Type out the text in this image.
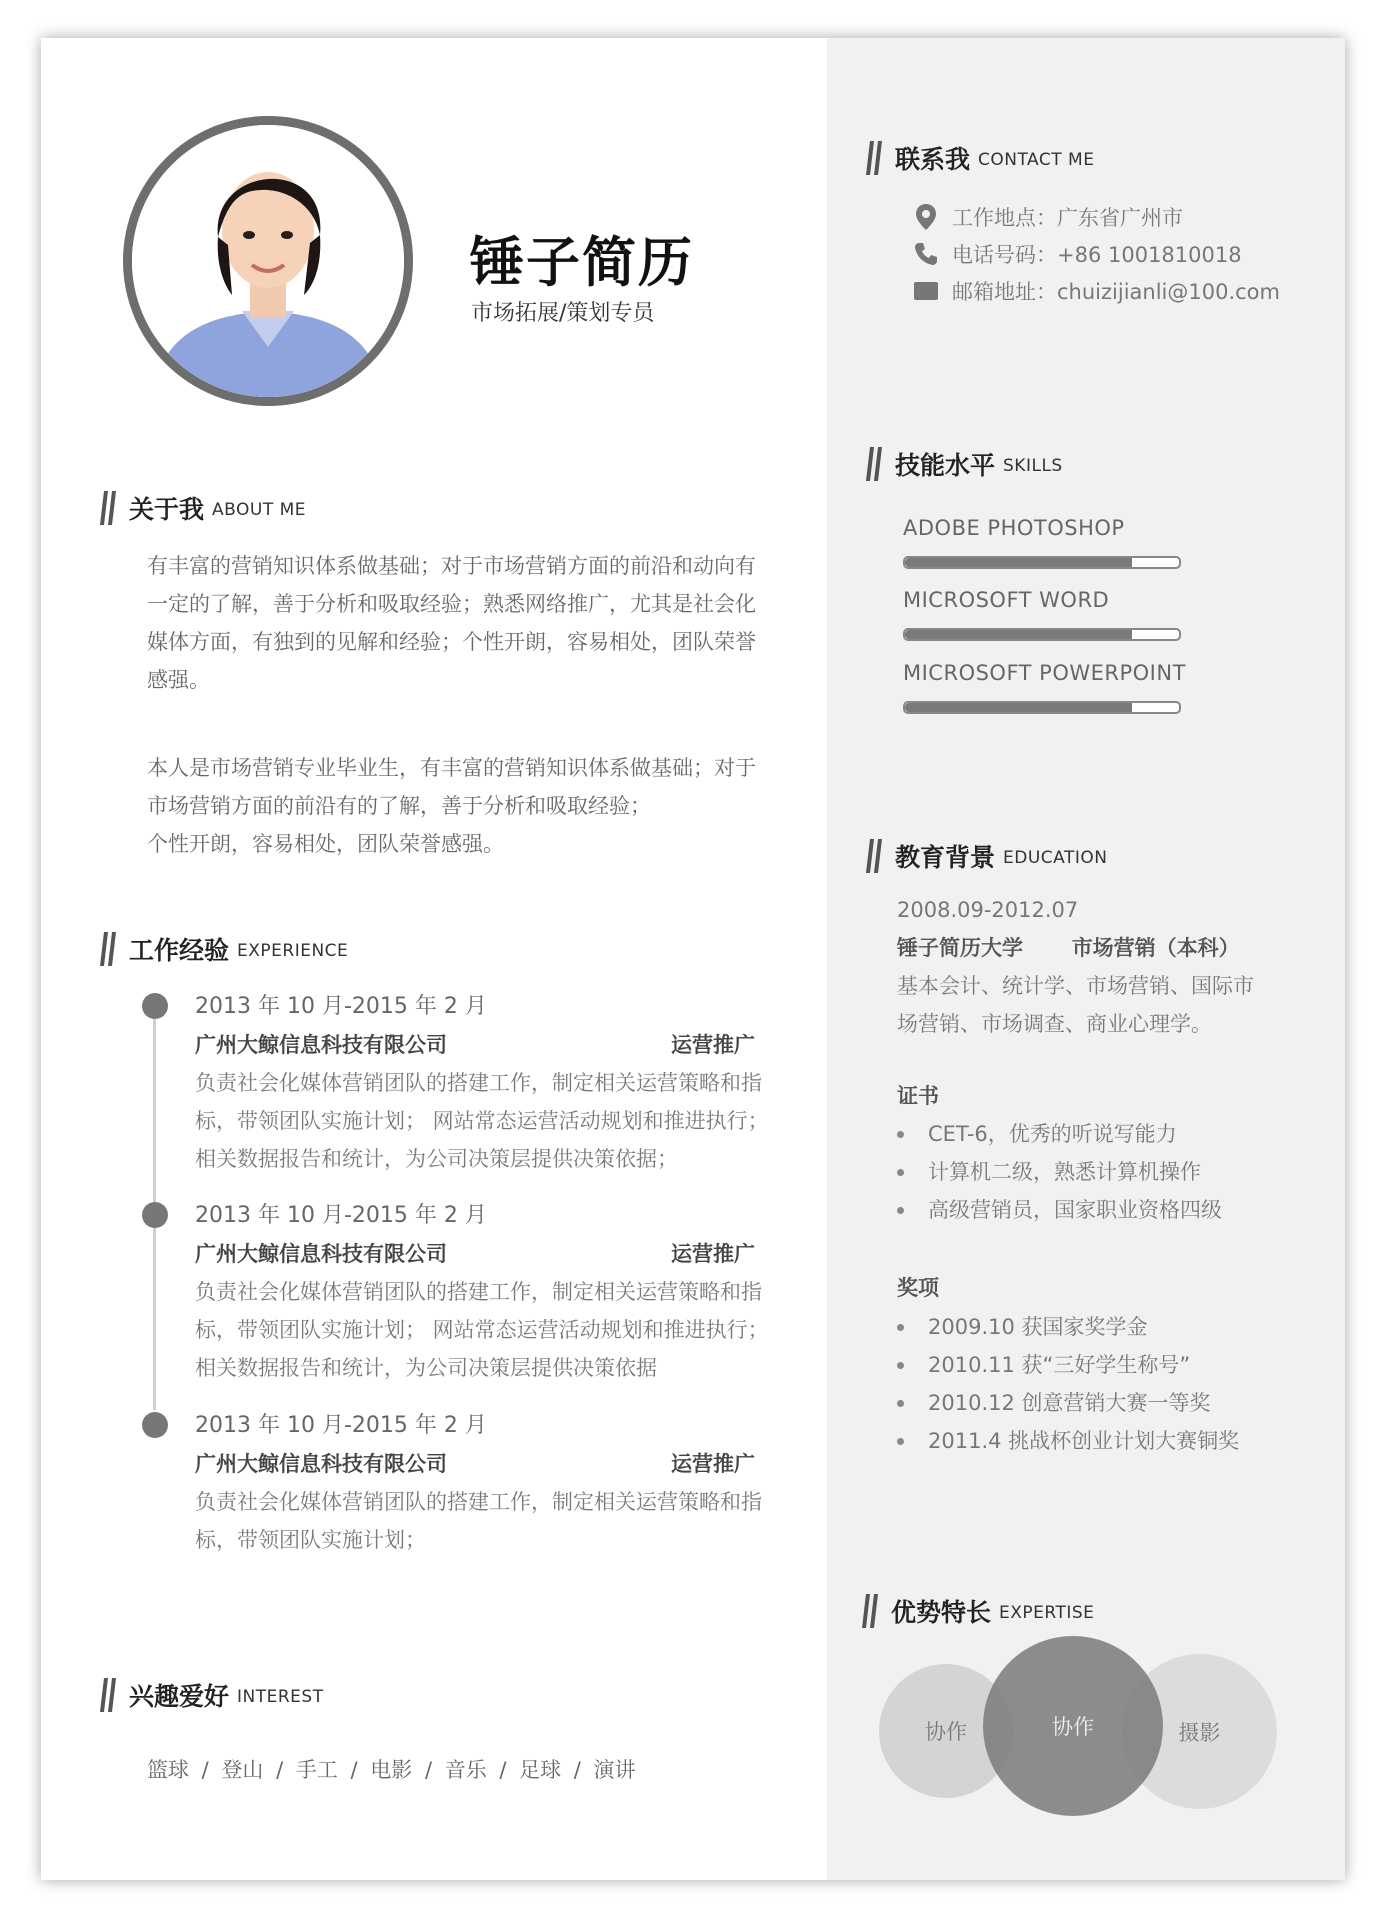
锤子简历
市场拓展/策划专员
关于我 ABOUT ME
有丰富的营销知识体系做基础；对于市场营销方面的前沿和动向有
一定的了解，善于分析和吸取经验；熟悉网络推广，尤其是社会化
媒体方面，有独到的见解和经验；个性开朗，容易相处，团队荣誉
感强。
本人是市场营销专业毕业生，有丰富的营销知识体系做基础；对于
市场营销方面的前沿有的了解，善于分析和吸取经验；
个性开朗，容易相处，团队荣誉感强。
工作经验 EXPERIENCE
2013 年 10 月-2015 年 2 月
广州大鲸信息科技有限公司	运营推广
负责社会化媒体营销团队的搭建工作，制定相关运营策略和指
标，带领团队实施计划； 网站常态运营活动规划和推进执行；
相关数据报告和统计，为公司决策层提供决策依据；
2013 年 10 月-2015 年 2 月
广州大鲸信息科技有限公司	运营推广
负责社会化媒体营销团队的搭建工作，制定相关运营策略和指
标，带领团队实施计划； 网站常态运营活动规划和推进执行；
相关数据报告和统计，为公司决策层提供决策依据
2013 年 10 月-2015 年 2 月
广州大鲸信息科技有限公司	运营推广
负责社会化媒体营销团队的搭建工作，制定相关运营策略和指
标，带领团队实施计划；
兴趣爱好 INTEREST
篮球 / 登山 / 手工 / 电影 / 音乐 / 足球 / 演讲
联系我 CONTACT ME
工作地点：广东省广州市
电话号码：+86 1001810018
邮箱地址：chuizijianli@100.com
技能水平 SKILLS
ADOBE PHOTOSHOP
MICROSOFT WORD
MICROSOFT POWERPOINT
教育背景 EDUCATION
2008.09-2012.07
锤子简历大学 市场营销（本科）
基本会计、统计学、市场营销、国际市
场营销、市场调查、商业心理学。
证书
CET-6，优秀的听说写能力
计算机二级，熟悉计算机操作
高级营销员，国家职业资格四级
奖项
2009.10 获国家奖学金
2010.11 获“三好学生称号”
2010.12 创意营销大赛一等奖
2011.4 挑战杯创业计划大赛铜奖
优势特长 EXPERTISE
协作	摄影
协作
